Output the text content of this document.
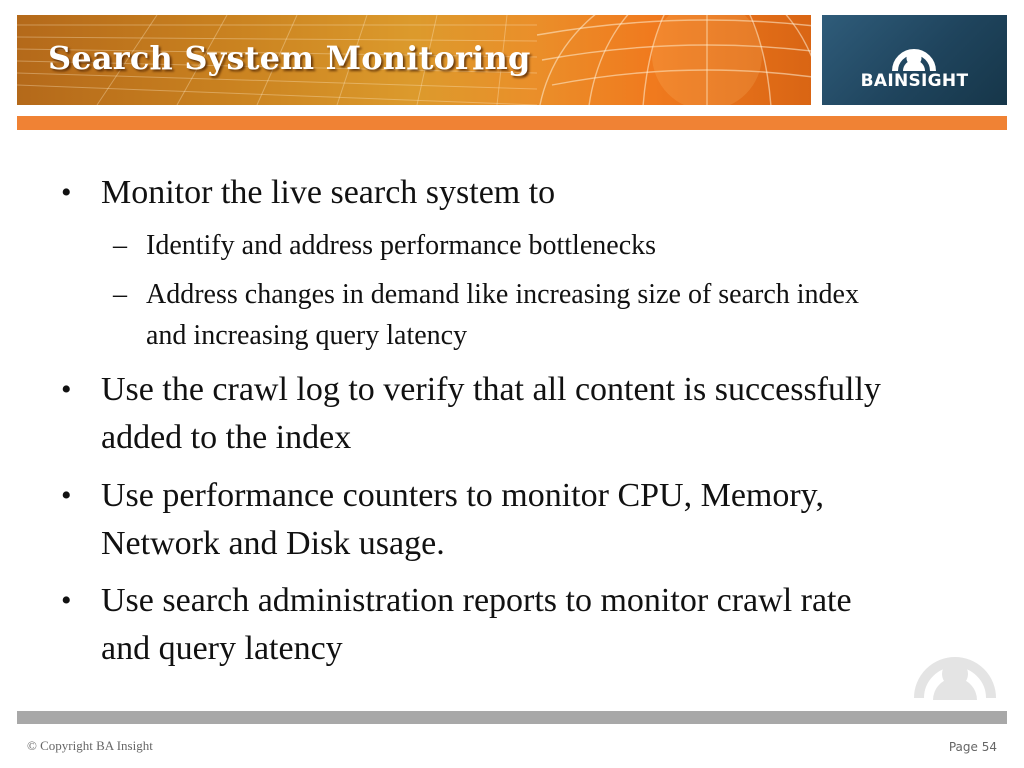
Search System Monitoring
BAINSIGHT
• Monitor the live search system to
– Identify and address performance bottlenecks
– Address changes in demand like increasing size of search index and increasing query latency
• Use the crawl log to verify that all content is successfully added to the index
• Use performance counters to monitor CPU, Memory, Network and Disk usage.
• Use search administration reports to monitor crawl rate and query latency
© Copyright BA Insight	Page 54
